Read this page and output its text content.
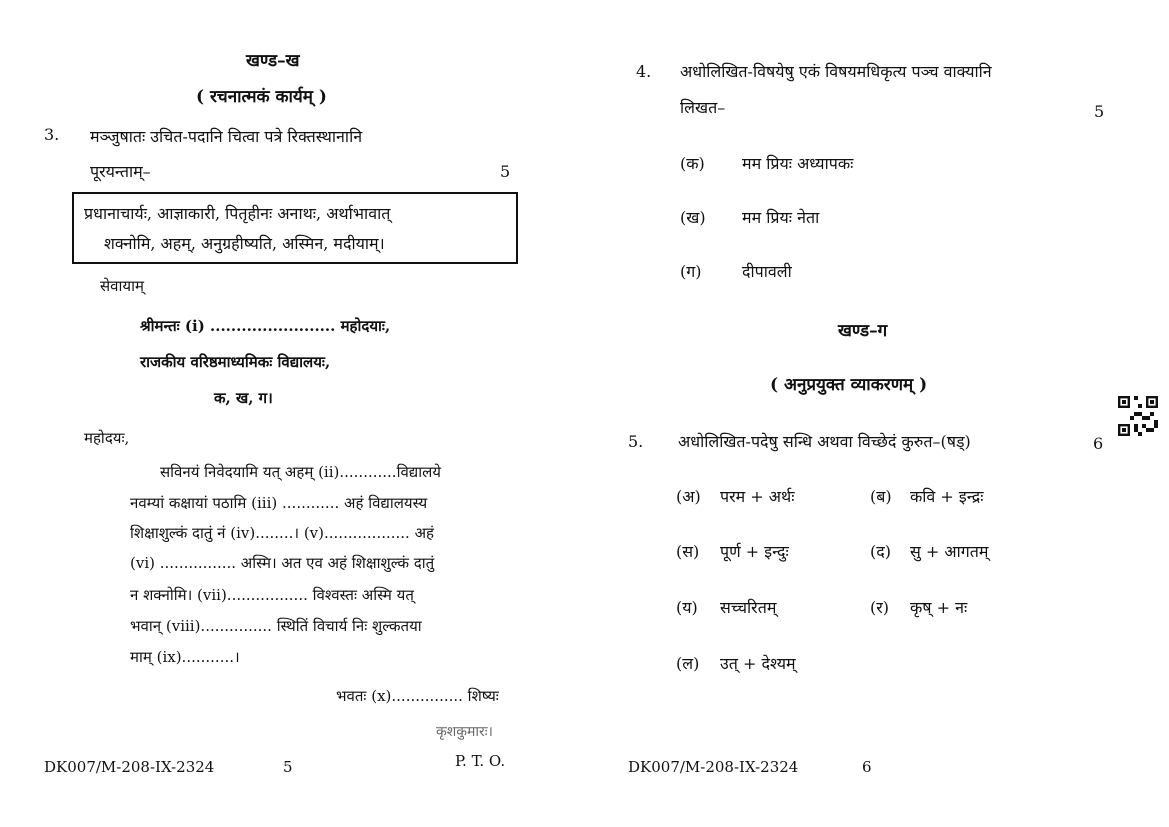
खण्ड–ख
( रचनात्मकं कार्यम् )
3. मञ्जुषातः उचित-पदानि चित्वा पत्रे रिक्तस्थानानि
पूरयन्ताम्–	5
प्रधानाचार्यः, आज्ञाकारी, पितृहीनः अनाथः, अर्थाभावात्
शक्नोमि, अहम्, अनुग्रहीष्यति, अस्मिन, मदीयाम्।
सेवायाम्
श्रीमन्तः (i) ........................ महोदयाः,
राजकीय वरिष्ठमाध्यमिकः विद्यालयः,
क, ख, ग।
महोदयः,
सविनयं निवेदयामि यत् अहम् (ii)............विद्यालये
नवम्यां कक्षायां पठामि (iii) ............ अहं विद्यालयस्य
शिक्षाशुल्कं दातुं नं (iv)........। (v).................. अहं
(vi) ................ अस्मि। अत एव अहं शिक्षाशुल्कं दातुं
न शक्नोमि। (vii)................. विश्वस्तः अस्मि यत्
भवान् (viii)............... स्थितिं विचार्य निः शुल्कतया
माम् (ix)...........।
भवतः (x)............... शिष्यः
कृशकुमारः।
DK007/M-208-IX-2324	5	P. T. O.
4. अधोलिखित-विषयेषु एकं विषयमधिकृत्य पञ्च वाक्यानि
लिखत–	5
(क) मम प्रियः अध्यापकः
(ख) मम प्रियः नेता
(ग)	दीपावली
खण्ड–ग
( अनुप्रयुक्त व्याकरणम् )
5. अधोलिखित-पदेषु सन्धि अथवा विच्छेदं कुरुत–(षड्)	6
(अ) परम + अर्थः	(ब) कवि + इन्द्रः
(स) पूर्ण + इन्दुः	(द) सु + आगतम्
(य) सच्चरितम्	(र) कृष् + नः
(ल) उत् + देश्यम्
DK007/M-208-IX-2324	6
